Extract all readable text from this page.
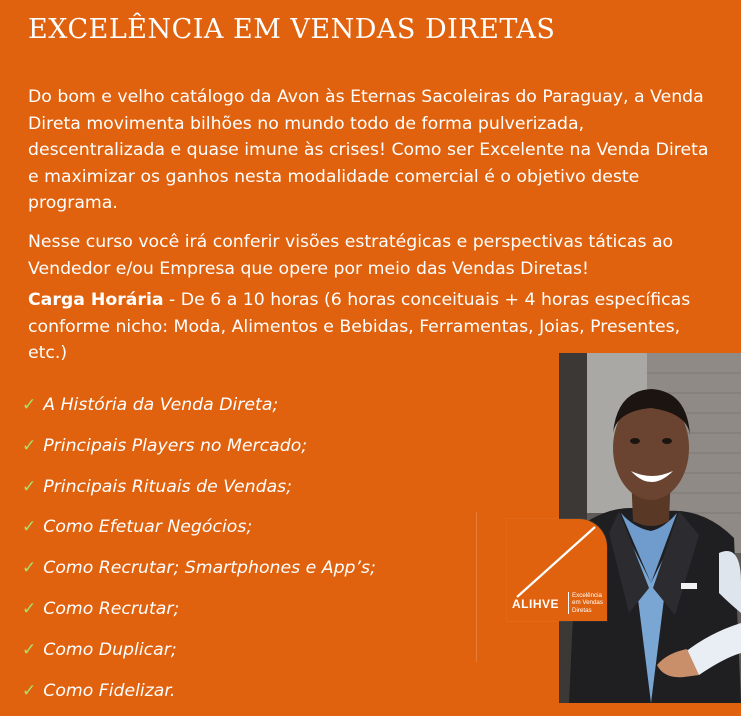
EXCELÊNCIA EM VENDAS DIRETAS

Do bom e velho catálogo da Avon às Eternas Sacoleiras do Paraguay, a Venda Direta movimenta bilhões no mundo todo de forma pulverizada, descentralizada e quase imune às crises! Como ser Excelente na Venda Direta e maximizar os ganhos nesta modalidade comercial é o objetivo deste programa.

Nesse curso você irá conferir visões estratégicas e perspectivas táticas ao Vendedor e/ou Empresa que opere por meio das Vendas Diretas!

Carga Horária - De 6 a 10 horas (6 horas conceituais + 4 horas específicas conforme nicho: Moda, Alimentos e Bebidas, Ferramentas, Joias, Presentes, etc.)

✓ A História da Venda Direta;
✓ Principais Players no Mercado;
✓ Principais Rituais de Vendas;
✓ Como Efetuar Negócios;
✓ Como Recrutar; Smartphones e App’s;
✓ Como Recrutar;
✓ Como Duplicar;
✓ Como Fidelizar.
ALIHVE
Excelência
em Vendas
Diretas
